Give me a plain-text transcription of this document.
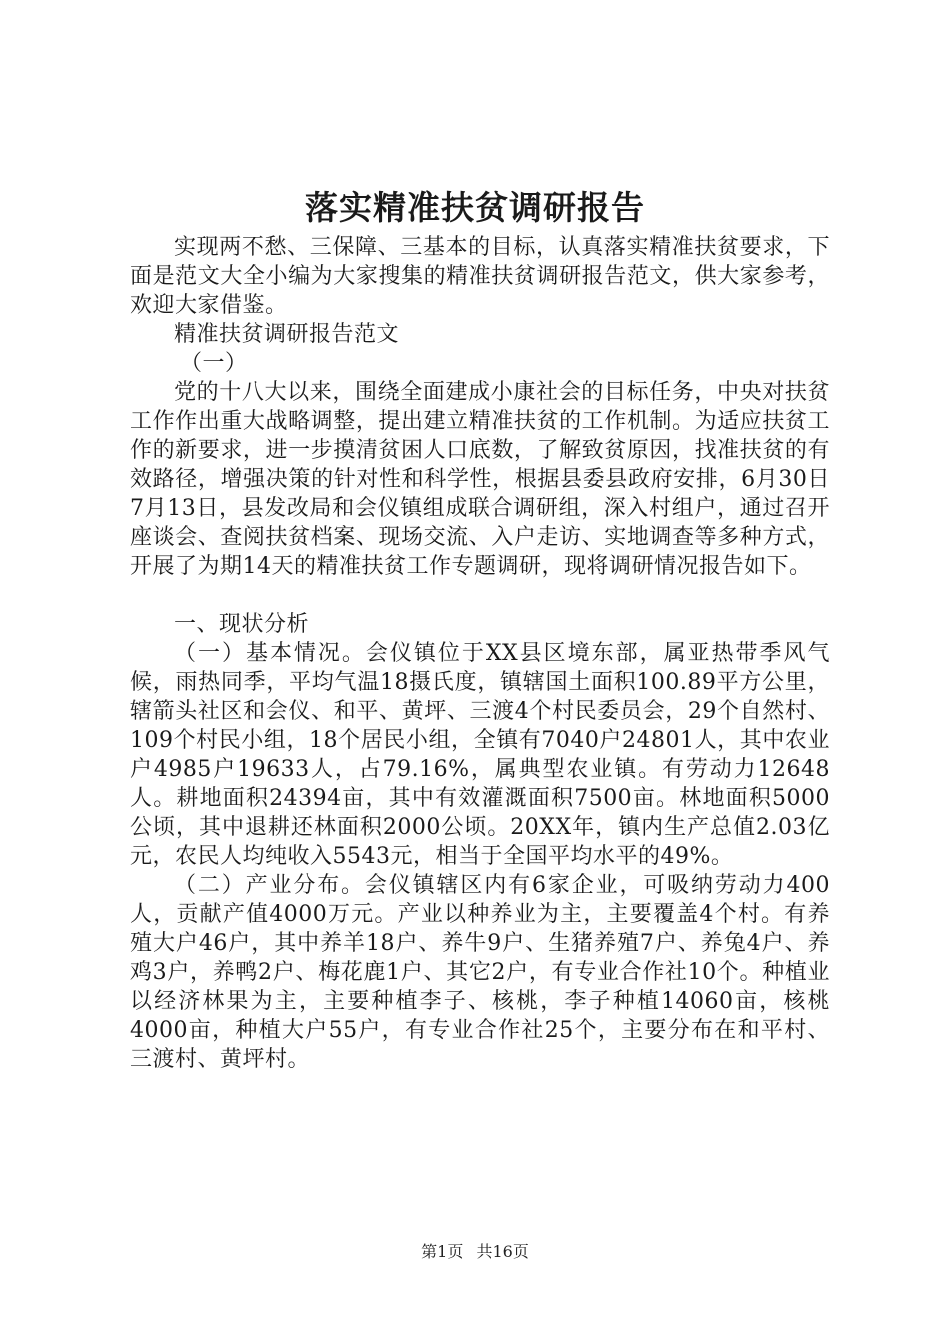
落实精准扶贫调研报告

实现两不愁、三保障、三基本的目标，认真落实精准扶贫要求，下面是范文大全小编为大家搜集的精准扶贫调研报告范文，供大家参考，欢迎大家借鉴。

精准扶贫调研报告范文

（一）

党的十八大以来，围绕全面建成小康社会的目标任务，中央对扶贫工作作出重大战略调整，提出建立精准扶贫的工作机制。为适应扶贫工作的新要求，进一步摸清贫困人口底数，了解致贫原因，找准扶贫的有效路径，增强决策的针对性和科学性，根据县委县政府安排，6月30日7月13日，县发改局和会仪镇组成联合调研组，深入村组户，通过召开座谈会、查阅扶贫档案、现场交流、入户走访、实地调查等多种方式，开展了为期14天的精准扶贫工作专题调研，现将调研情况报告如下。

一、现状分析

（一）基本情况。会仪镇位于XX县区境东部，属亚热带季风气候，雨热同季，平均气温18摄氏度，镇辖国土面积100.89平方公里，辖箭头社区和会仪、和平、黄坪、三渡4个村民委员会，29个自然村、109个村民小组，18个居民小组，全镇有7040户24801人，其中农业户4985户19633人，占79.16%，属典型农业镇。有劳动力12648人。耕地面积24394亩，其中有效灌溉面积7500亩。林地面积5000公顷，其中退耕还林面积2000公顷。20XX年，镇内生产总值2.03亿元，农民人均纯收入5543元，相当于全国平均水平的49%。

（二）产业分布。会仪镇辖区内有6家企业，可吸纳劳动力400人，贡献产值4000万元。产业以种养业为主，主要覆盖4个村。有养殖大户46户，其中养羊18户、养牛9户、生猪养殖7户、养兔4户、养鸡3户，养鸭2户、梅花鹿1户、其它2户，有专业合作社10个。种植业以经济林果为主，主要种植李子、核桃，李子种植14060亩，核桃4000亩，种植大户55户，有专业合作社25个，主要分布在和平村、三渡村、黄坪村。

第1页 共16页
